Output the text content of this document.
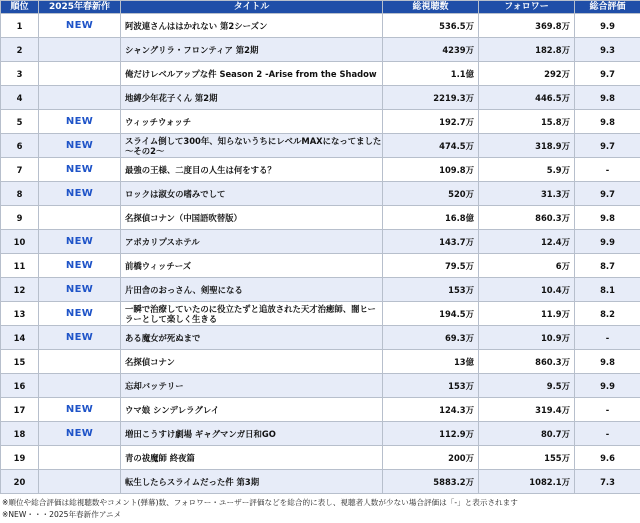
順位	2025年春新作	タイトル	総視聴数	フォロワー	総合評価
1	NEW	阿波連さんははかれない 第2シーズン	536.5万	369.8万	9.9
2		シャングリラ・フロンティア 第2期	4239万	182.8万	9.3
3		俺だけレベルアップな件 Season 2 -Arise from the Shadow	1.1億	292万	9.7
4		地縛少年花子くん 第2期	2219.3万	446.5万	9.8
5	NEW	ウィッチウォッチ	192.7万	15.8万	9.8
6	NEW	スライム倒して300年、知らないうちにレベルMAXになってました ～その2～	474.5万	318.9万	9.7
7	NEW	最強の王様、二度目の人生は何をする？	109.8万	5.9万	-
8	NEW	ロックは淑女の嗜みでして	520万	31.3万	9.7
9		名探偵コナン（中国語吹替版）	16.8億	860.3万	9.8
10	NEW	アポカリプスホテル	143.7万	12.4万	9.9
11	NEW	前橋ウィッチーズ	79.5万	6万	8.7
12	NEW	片田舎のおっさん、剣聖になる	153万	10.4万	8.1
13	NEW	一瞬で治療していたのに役立たずと追放された天才治癒師、闇ヒーラーとして楽しく生きる	194.5万	11.9万	8.2
14	NEW	ある魔女が死ぬまで	69.3万	10.9万	-
15		名探偵コナン	13億	860.3万	9.8
16		忘却バッテリー	153万	9.5万	9.9
17	NEW	ウマ娘 シンデレラグレイ	124.3万	319.4万	-
18	NEW	増田こうすけ劇場 ギャグマンガ日和GO	112.9万	80.7万	-
19		青の祓魔師 終夜篇	200万	155万	9.6
20		転生したらスライムだった件 第3期	5883.2万	1082.1万	7.3
※順位や総合評価は総視聴数やコメント(弾幕)数、フォロワー・ユーザー評価などを総合的に表し、視聴者人数が少ない場合評価は「-」と表示されます
※NEW・・・2025年春新作アニメ
